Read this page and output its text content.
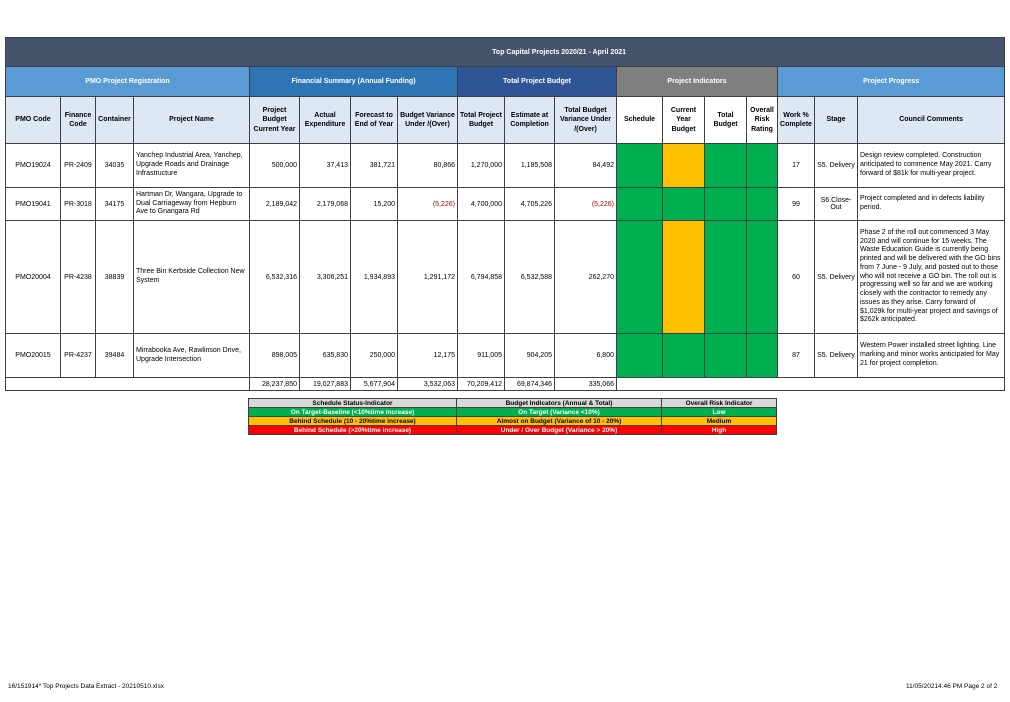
Top Capital Projects 2020/21 - April 2021																	
PMO Project Registration				Financial Summary (Annual Funding)				Total Project Budget			Project Indicators				Project Progress		
PMO Code	Finance Code	Container	Project Name	Project Budget Current Year	Actual Expenditure	Forecast to End of Year	Budget Variance Under /(Over)	Total Project Budget	Estimate at Completion	Total Budget Variance Under /(Over)	Schedule	Current Year Budget	Total Budget	Overall Risk Rating	Work % Complete	Stage	Council Comments
PMO19024	PR-2409	34035	Yanchep Industrial Area, Yanchep, Upgrade Roads and Drainage Infrastructure	500,000	37,413	381,721	80,866	1,270,000	1,185,508	84,492					17	S5. Delivery	Design review completed. Construction anticipated to commence May 2021. Carry forward of $81k for multi-year project.
PMO19041	PR-3018	34175	Hartman Dr, Wangara, Upgrade to Dual Carriageway from Hepburn Ave to Gnangara Rd	2,189,042	2,179,068	15,200	(5,226)	4,700,000	4,705,226	(5,226)					99	S6.Close-Out	Project completed and in defects liability period.
PMO20004	PR-4238	38839	Three Bin Kerbside Collection New System	6,532,316	3,306,251	1,934,893	1,291,172	6,794,858	6,532,588	262,270					60	S5. Delivery	Phase 2 of the roll out commenced 3 May 2020 and will continue for 15 weeks. The Waste Education Guide is currently being printed and will be delivered with the GO bins from 7 June - 9 July, and posted out to those who will not receive a GO bin. The roll out is progressing well so far and we are working closely with the contractor to remedy any issues as they arise. Carry forward of $1,029k for multi-year project and savings of $262k anticipated.
PMO20015	PR-4237	39484	Mirrabooka Ave, Rawlinson Drive, Upgrade Intersection	898,005	635,830	250,000	12,175	911,005	904,205	6,800					87	S5. Delivery	Western Power installed street lighting. Line marking and minor works anticipated for May 21 for project completion.
				28,237,850	19,027,883	5,677,904	3,532,063	70,209,412	69,874,346	335,066							
Schedule Status-Indicator	Budget Indicators (Annual & Total)	Overall Risk Indicator
On Target-Baseline (<10%time increase)	On Target (Variance <10%)	Low
Behind Schedule (10 - 20%time increase)	Almost on Budget (Variance of 10 - 20%)	Medium
Behind Schedule (>20%time increase)	Under / Over Budget (Variance > 20%)	High
16/151914* Top Projects Data Extract - 20210510.xlsx	11/05/20214:46 PM Page 2 of 2
